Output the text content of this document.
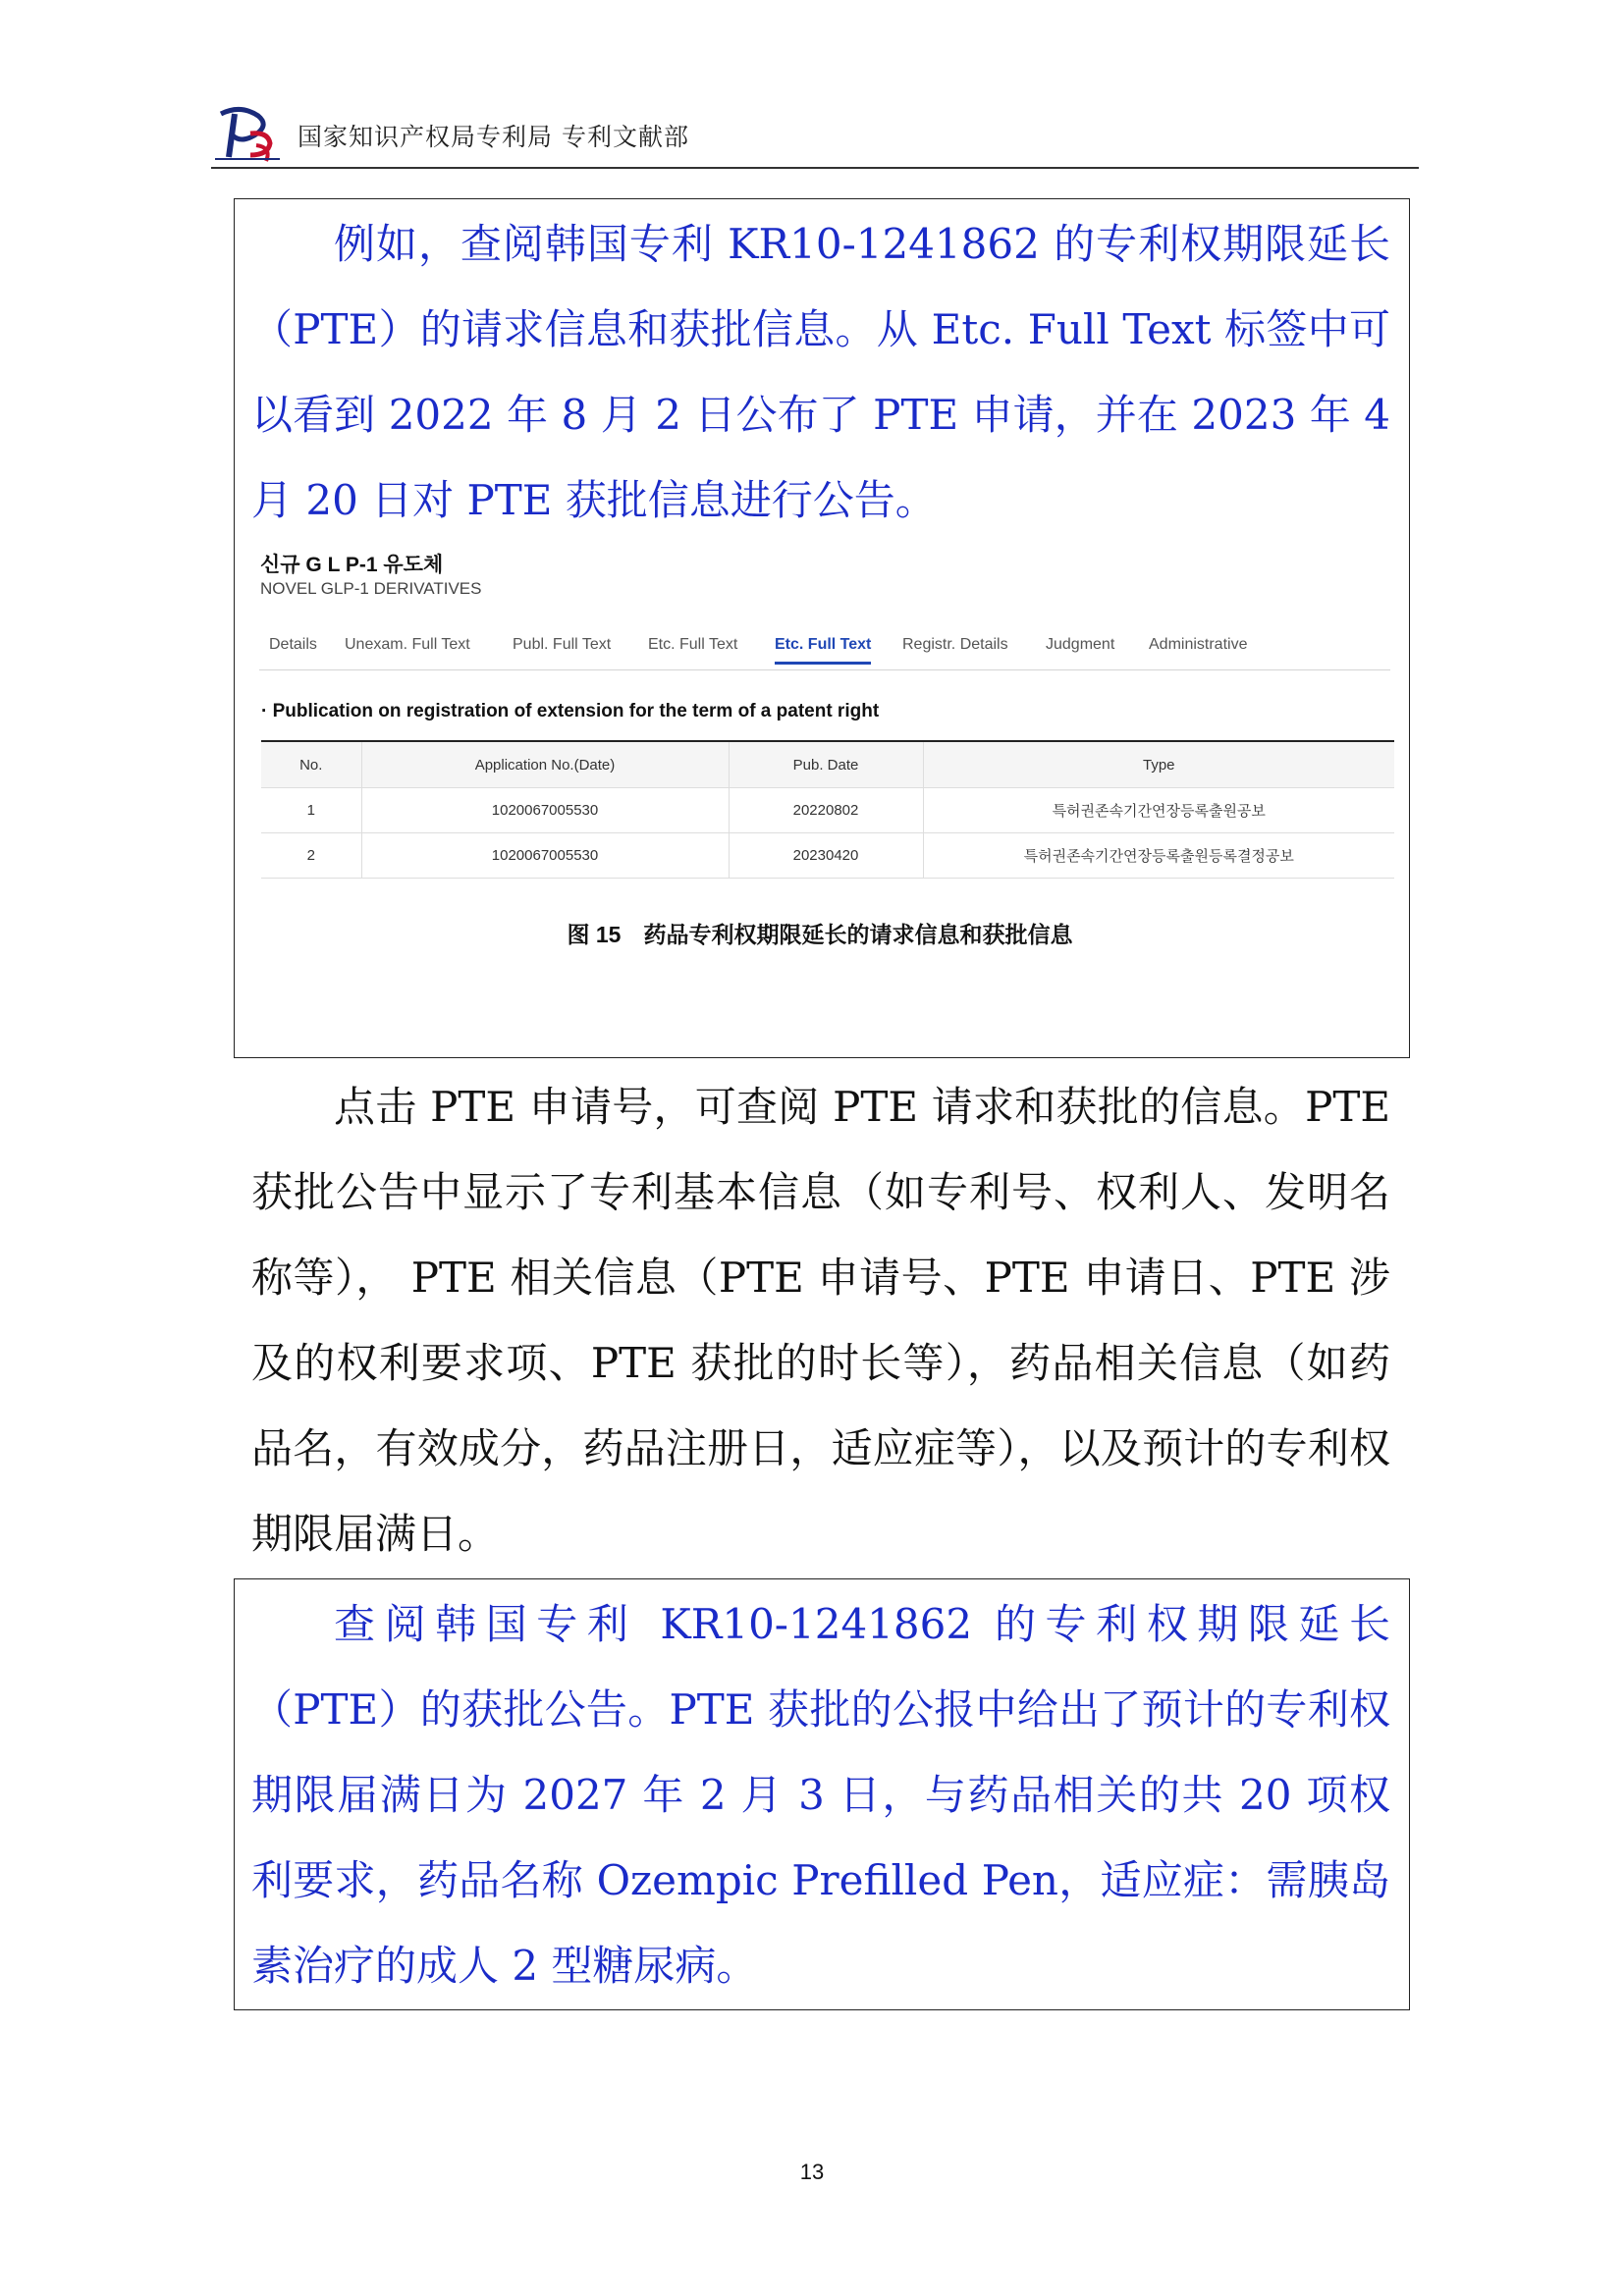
国家知识产权局专利局 专利文献部
例如，查阅韩国专利 KR10-1241862 的专利权期限延长（PTE）的请求信息和获批信息。从 Etc. Full Text 标签中可以看到 2022 年 8 月 2 日公布了 PTE 申请，并在 2023 年 4 月 20 日对 PTE 获批信息进行公告。
신규 G L P-1 유도체
NOVEL GLP-1 DERIVATIVES
Details Unexam. Full Text	Publ. Full Text Etc. Full Text Etc. Full Text Registr. Details Judgment Administrative
· Publication on registration of extension for the term of a patent right
No.	Application No.(Date)	Pub. Date	Type
1	1020067005530	20220802	특허권존속기간연장등록출원공보
2	1020067005530	20230420	특허권존속기간연장등록출원등록결정공보
图 15　药品专利权期限延长的请求信息和获批信息
点击 PTE 申请号，可查阅 PTE 请求和获批的信息。PTE 获批公告中显示了专利基本信息（如专利号、权利人、发明名称等）， PTE 相关信息（PTE 申请号、PTE 申请日、PTE 涉及的权利要求项、PTE 获批的时长等），药品相关信息（如药品名，有效成分，药品注册日，适应症等），以及预计的专利权期限届满日。
查阅韩国专利 KR10-1241862 的专利权期限延长（PTE）的获批公告。PTE 获批的公报中给出了预计的专利权期限届满日为 2027 年 2 月 3 日，与药品相关的共 20 项权利要求，药品名称 Ozempic Prefilled Pen，适应症：需胰岛素治疗的成人 2 型糖尿病。
13
